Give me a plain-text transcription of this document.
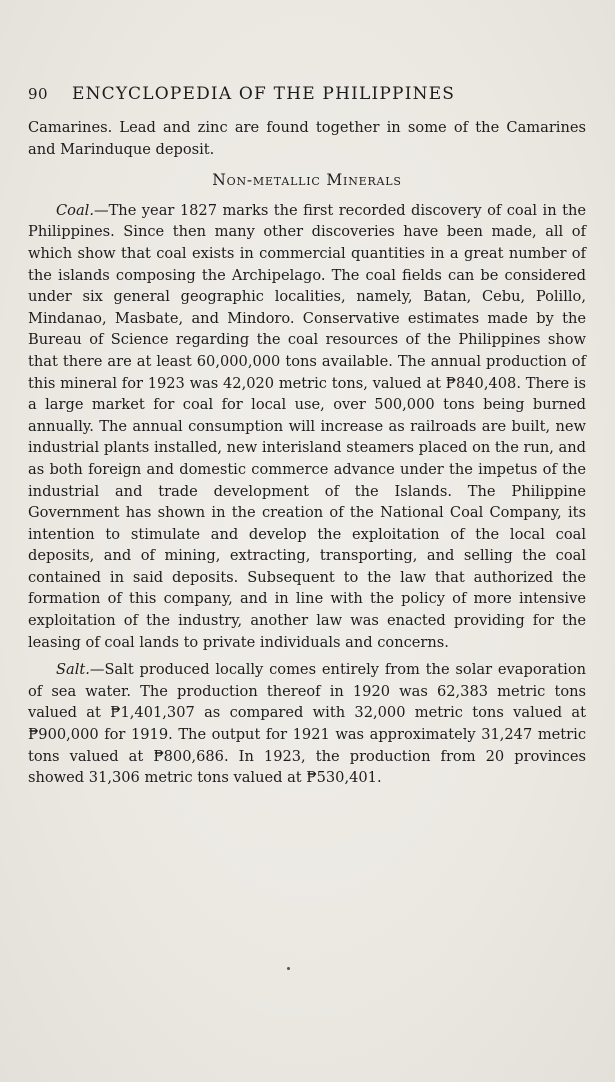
90 ENCYCLOPEDIA OF THE PHILIPPINES

Camarines. Lead and zinc are found together in some of the Camarines and Marinduque deposit.

Non-metallic Minerals

Coal.—The year 1827 marks the first recorded discovery of coal in the Philippines. Since then many other discoveries have been made, all of which show that coal exists in commercial quantities in a great number of the islands composing the Archipelago. The coal fields can be considered under six general geographic localities, namely, Batan, Cebu, Polillo, Mindanao, Masbate, and Mindoro. Conservative estimates made by the Bureau of Science regarding the coal resources of the Philippines show that there are at least 60,000,000 tons available. The annual production of this mineral for 1923 was 42,020 metric tons, valued at ₱840,408. There is a large market for coal for local use, over 500,000 tons being burned annually. The annual consumption will increase as railroads are built, new industrial plants installed, new interisland steamers placed on the run, and as both foreign and domestic commerce advance under the impetus of the industrial and trade development of the Islands. The Philippine Government has shown in the creation of the National Coal Company, its intention to stimulate and develop the exploitation of the local coal deposits, and of mining, extracting, transporting, and selling the coal contained in said deposits. Subsequent to the law that authorized the formation of this company, and in line with the policy of more intensive exploitation of the industry, another law was enacted providing for the leasing of coal lands to private individuals and concerns.

Salt.—Salt produced locally comes entirely from the solar evaporation of sea water. The production thereof in 1920 was 62,383 metric tons valued at ₱1,401,307 as compared with 32,000 metric tons valued at ₱900,000 for 1919. The output for 1921 was approximately 31,247 metric tons valued at ₱800,686. In 1923, the production from 20 provinces showed 31,306 metric tons valued at ₱530,401.
